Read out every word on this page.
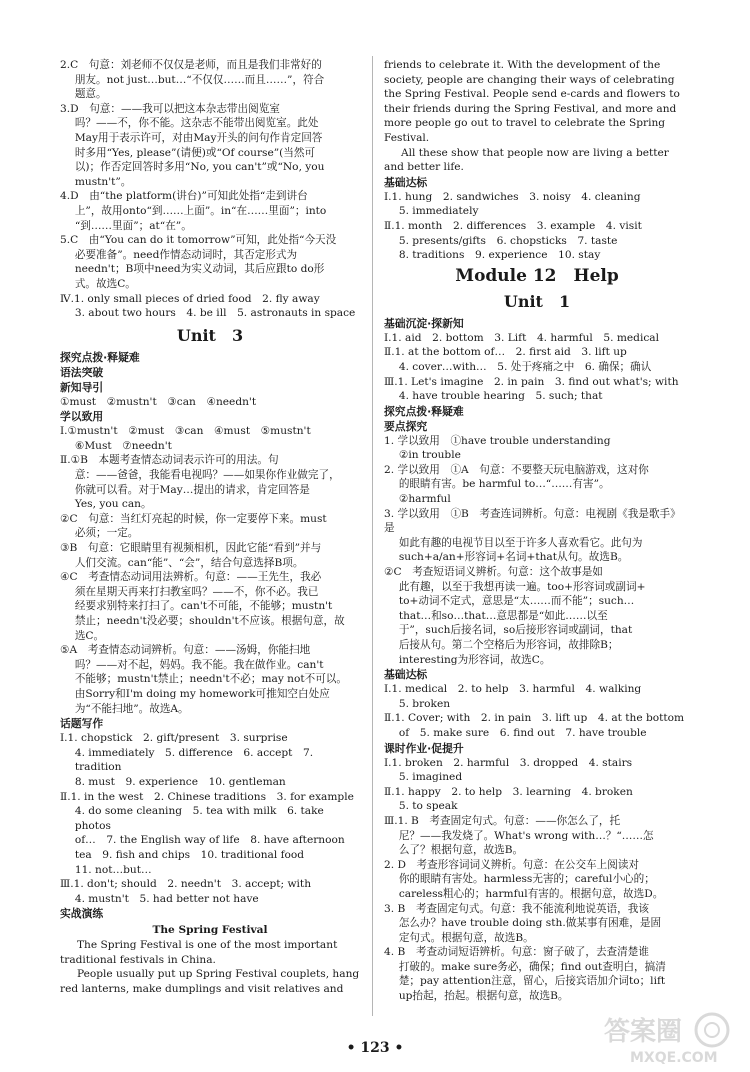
2.C　句意：刘老师不仅仅是老师，而且是我们非常好的
朋友。not just…but…“不仅仅……而且……”，符合
题意。
3.D　句意：——我可以把这本杂志带出阅览室
吗？——不，你不能。这杂志不能带出阅览室。此处
May用于表示许可，对由May开头的问句作肯定回答
时多用“Yes, please”(请便)或“Of course”(当然可
以)；作否定回答时多用“No, you can't”或“No, you
mustn't”。
4.D　由“the platform(讲台)”可知此处指“走到讲台
上”，故用onto“到……上面”。in“在……里面”；into
“到……里面”；at“在”。
5.C　由“You can do it tomorrow”可知，此处指“今天没
必要准备”。need作情态动词时，其否定形式为
needn't；B项中need为实义动词，其后应跟to do形
式。故选C。
Ⅳ.1. only small pieces of dried food　2. fly away
3. about two hours　4. be ill　5. astronauts in space
Unit　3
探究点拨·释疑难
语法突破
新知导引
①must　②mustn't　③can　④needn't
学以致用
Ⅰ.①mustn't　②must　③can　④must　⑤mustn't
⑥Must　⑦needn't
Ⅱ.①B　本题考查情态动词表示许可的用法。句
意：——爸爸，我能看电视吗？——如果你作业做完了，
你就可以看。对于May…提出的请求，肯定回答是
Yes, you can。
②C　句意：当红灯亮起的时候，你一定要停下来。must
必须；一定。
③B　句意：它眼睛里有视频相机，因此它能“看到”并与
人们交流。can“能”、“会”，结合句意选择B项。
④C　考查情态动词用法辨析。句意：——王先生，我必
须在星期天再来打扫教室吗？——不，你不必。我已
经要求别特来打扫了。can't不可能，不能够；mustn't
禁止；needn't没必要；shouldn't不应该。根据句意，故
选C。
⑤A　考查情态动词辨析。句意：——汤姆，你能扫地
吗？——对不起，妈妈。我不能。我在做作业。can't
不能够；mustn't禁止；needn't不必；may not不可以。
由Sorry和I'm doing my homework可推知空白处应
为“不能扫地”。故选A。
话题写作
Ⅰ.1. chopstick　2. gift/present　3. surprise
4. immediately　5. difference　6. accept　7. tradition
8. must　9. experience　10. gentleman
Ⅱ.1. in the west　2. Chinese traditions　3. for example
4. do some cleaning　5. tea with milk　6. take photos
of…　7. the English way of life　8. have afternoon
tea　9. fish and chips　10. traditional food
11. not…but…
Ⅲ.1. don't; should　2. needn't　3. accept; with
4. mustn't　5. had better not have
实战演练
The Spring Festival
The Spring Festival is one of the most important traditional festivals in China.
People usually put up Spring Festival couplets, hang red lanterns, make dumplings and visit relatives and
friends to celebrate it. With the development of the society, people are changing their ways of celebrating the Spring Festival. People send e-cards and flowers to their friends during the Spring Festival, and more and more people go out to travel to celebrate the Spring Festival.
All these show that people now are living a better and better life.
基础达标
Ⅰ.1. hung　2. sandwiches　3. noisy　4. cleaning
5. immediately
Ⅱ.1. month　2. differences　3. example　4. visit
5. presents/gifts　6. chopsticks　7. taste
8. traditions　9. experience　10. stay
Module 12　Help
Unit　1
基础沉淀·探新知
Ⅰ.1. aid　2. bottom　3. Lift　4. harmful　5. medical
Ⅱ.1. at the bottom of…　2. first aid　3. lift up
4. cover…with…　5. 处于疼痛之中　6. 确保；确认
Ⅲ.1. Let's imagine　2. in pain　3. find out what's; with
4. have trouble hearing　5. such; that
探究点拨·释疑难
要点探究
1. 学以致用　①have trouble understanding
②in trouble
2. 学以致用　①A　句意：不要整天玩电脑游戏，这对你
的眼睛有害。be harmful to…“……有害”。
②harmful
3. 学以致用　①B　考查连词辨析。句意：电视剧《我是歌手》是
如此有趣的电视节目以至于许多人喜欢看它。此句为
such+a/an+形容词+名词+that从句。故选B。
②C　考查短语词义辨析。句意：这个故事是如
此有趣，以至于我想再读一遍。too+形容词或副词+
to+动词不定式，意思是“太……而不能”；such…
that…和so…that…意思都是“如此……以至
于”，such后接名词，so后接形容词或副词，that
后接从句。第二个空格后为形容词，故排除B；
interesting为形容词，故选C。
基础达标
Ⅰ.1. medical　2. to help　3. harmful　4. walking
5. broken
Ⅱ.1. Cover; with　2. in pain　3. lift up　4. at the bottom
of　5. make sure　6. find out　7. have trouble
课时作业·促提升
Ⅰ.1. broken　2. harmful　3. dropped　4. stairs
5. imagined
Ⅱ.1. happy　2. to help　3. learning　4. broken
5. to speak
Ⅲ.1. B　考查固定句式。句意：——你怎么了，托
尼？——我发烧了。What's wrong with…？“……怎
么了？根据句意，故选B。
2. D　考查形容词词义辨析。句意：在公交车上阅读对
你的眼睛有害处。harmless无害的；careful小心的；
careless粗心的；harmful有害的。根据句意，故选D。
3. B　考查固定句式。句意：我不能流利地说英语，我该
怎么办？have trouble doing sth.做某事有困难，是固
定句式。根据句意，故选B。
4. B　考查动词短语辨析。句意：窗子破了，去查清楚谁
打破的。make sure务必，确保；find out查明白，搞清
楚；pay attention注意，留心，后接宾语加介词to；lift
up抬起，抬起。根据句意，故选B。
• 123 •
答案圈
MXQE.COM
